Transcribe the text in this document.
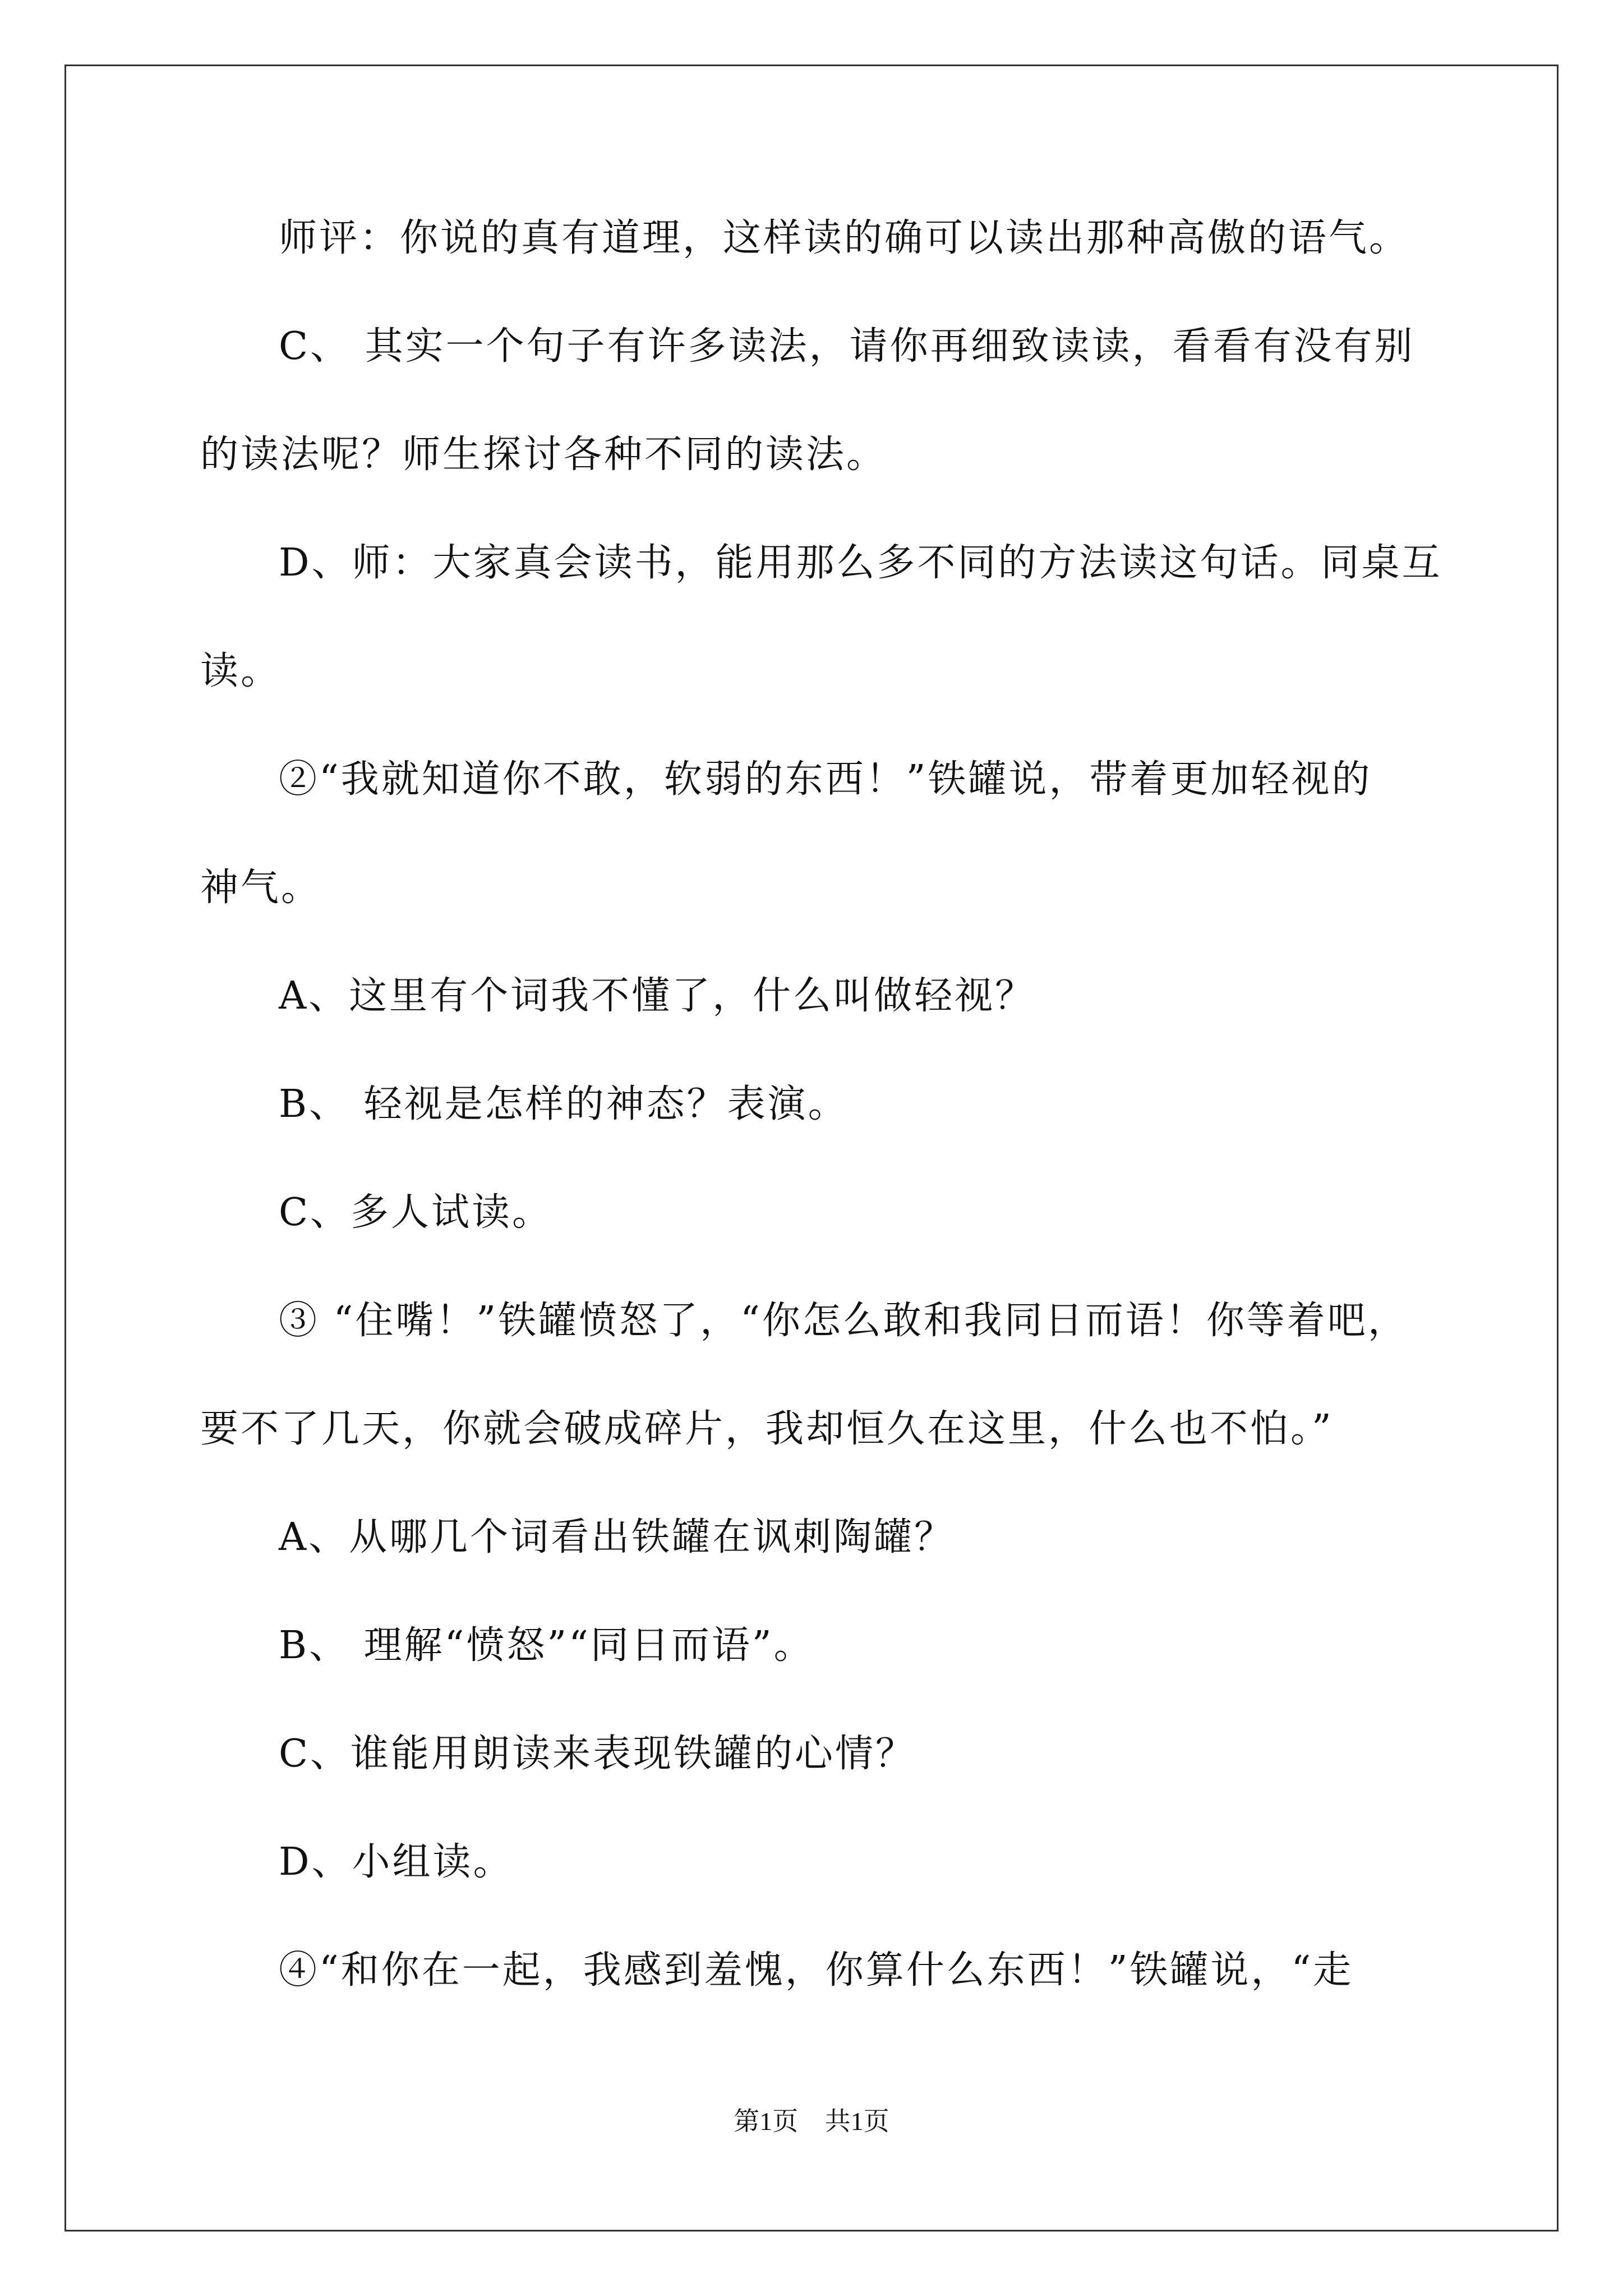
师评：你说的真有道理，这样读的确可以读出那种高傲的语气。
C、 其实一个句子有许多读法，请你再细致读读，看看有没有别
的读法呢？师生探讨各种不同的读法。
D、师：大家真会读书，能用那么多不同的方法读这句话。同桌互
读。
②“我就知道你不敢，软弱的东西！”铁罐说，带着更加轻视的
神气。
A、这里有个词我不懂了，什么叫做轻视？
B、 轻视是怎样的神态？表演。
C、多人试读。
③ “住嘴！”铁罐愤怒了，“你怎么敢和我同日而语！你等着吧，
要不了几天，你就会破成碎片，我却恒久在这里，什么也不怕。”
A、从哪几个词看出铁罐在讽刺陶罐？
B、 理解“愤怒”“同日而语”。
C、谁能用朗读来表现铁罐的心情？
D、小组读。
④“和你在一起，我感到羞愧，你算什么东西！”铁罐说，“走
第1页 共1页
